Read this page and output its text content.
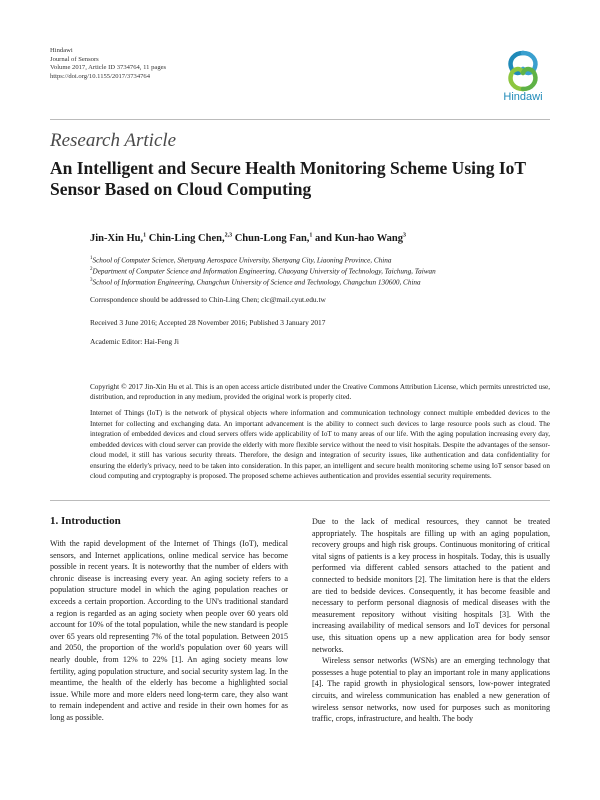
Hindawi
Journal of Sensors
Volume 2017, Article ID 3734764, 11 pages
https://doi.org/10.1155/2017/3734764
Hindawi
Research Article
An Intelligent and Secure Health Monitoring Scheme Using IoT Sensor Based on Cloud Computing
Jin-Xin Hu,$^1$ Chin-Ling Chen,$^{2,3}$ Chun-Long Fan,$^1$ and Kun-hao Wang$^3$
$^1$School of Computer Science, Shenyang Aerospace University, Shenyang City, Liaoning Province, China
$^2$Department of Computer Science and Information Engineering, Chaoyang University of Technology, Taichung, Taiwan
$^3$School of Information Engineering, Changchun University of Science and Technology, Changchun 130600, China
Correspondence should be addressed to Chin-Ling Chen; clc@mail.cyut.edu.tw
Received 3 June 2016; Accepted 28 November 2016; Published 3 January 2017
Academic Editor: Hai-Feng Ji
Copyright © 2017 Jin-Xin Hu et al. This is an open access article distributed under the Creative Commons Attribution License, which permits unrestricted use, distribution, and reproduction in any medium, provided the original work is properly cited.
Internet of Things (IoT) is the network of physical objects where information and communication technology connect multiple embedded devices to the Internet for collecting and exchanging data. An important advancement is the ability to connect such devices to large resource pools such as cloud. The integration of embedded devices and cloud servers offers wide applicability of IoT to many areas of our life. With the aging population increasing every day, embedded devices with cloud server can provide the elderly with more flexible service without the need to visit hospitals. Despite the advantages of the sensor-cloud model, it still has various security threats. Therefore, the design and integration of security issues, like authentication and data confidentiality for ensuring the elderly's privacy, need to be taken into consideration. In this paper, an intelligent and secure health monitoring scheme using IoT sensor based on cloud computing and cryptography is proposed. The proposed scheme achieves authentication and provides essential security requirements.
1. Introduction

With the rapid development of the Internet of Things (IoT), medical sensors, and Internet applications, online medical service has become possible in recent years. It is noteworthy that the number of elders with chronic disease is increasing every year. An aging society refers to a population structure model in which the aging population reaches or exceeds a certain proportion. According to the UN's traditional standard a region is regarded as an aging society when people over 60 years old account for 10% of the total population, while the new standard is people over 65 years old representing 7% of the total population. Between 2015 and 2050, the proportion of the world's population over 60 years will nearly double, from 12% to 22% [1]. An aging society means low fertility, aging population structure, and social security system lag. In the meantime, the health of the elderly has become a highlighted social issue. While more and more elders need long-term care, they also want to remain independent and active and reside in their own homes for as long as possible.

Due to the lack of medical resources, they cannot be treated appropriately. The hospitals are filling up with an aging population, recovery groups and high risk groups. Continuous monitoring of critical vital signs of patients is a key process in hospitals. Today, this is usually performed via different cabled sensors attached to the patient and connected to bedside monitors [2]. The limitation here is that the elders are tied to bedside devices. Consequently, it has become feasible and necessary to perform personal diagnosis of medical diseases with the measurement repository without visiting hospitals [3]. With the increasing availability of medical sensors and IoT devices for personal use, this situation opens up a new application area for body sensor networks.

Wireless sensor networks (WSNs) are an emerging technology that possesses a huge potential to play an important role in many applications [4]. The rapid growth in physiological sensors, low-power integrated circuits, and wireless communication has enabled a new generation of wireless sensor networks, now used for purposes such as monitoring traffic, crops, infrastructure, and health. The body
